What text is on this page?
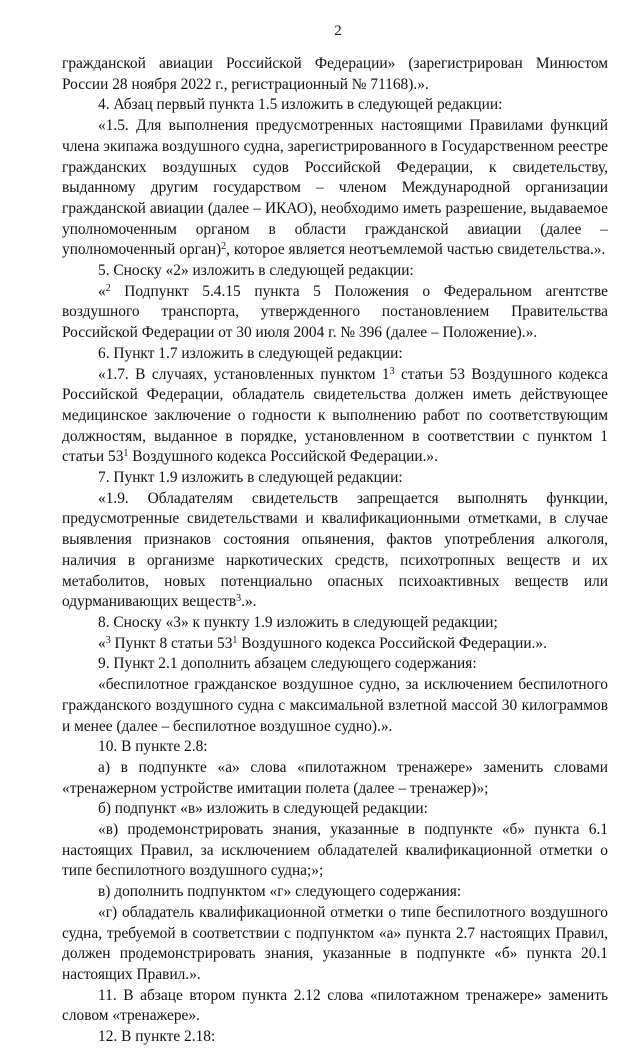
2

гражданской авиации Российской Федерации» (зарегистрирован Минюстом России 28 ноября 2022 г., регистрационный № 71168).».

4. Абзац первый пункта 1.5 изложить в следующей редакции:

«1.5. Для выполнения предусмотренных настоящими Правилами функций члена экипажа воздушного судна, зарегистрированного в Государственном реестре гражданских воздушных судов Российской Федерации, к свидетельству, выданному другим государством – членом Международной организации гражданской авиации (далее – ИКАО), необходимо иметь разрешение, выдаваемое уполномоченным органом в области гражданской авиации (далее – уполномоченный орган)$^2$, которое является неотъемлемой частью свидетельства.».

5. Сноску «2» изложить в следующей редакции:

«$^2$ Подпункт 5.4.15 пункта 5 Положения о Федеральном агентстве воздушного транспорта, утвержденного постановлением Правительства Российской Федерации от 30 июля 2004 г. № 396 (далее – Положение).».

6. Пункт 1.7 изложить в следующей редакции:

«1.7. В случаях, установленных пунктом $1^3$ статьи 53 Воздушного кодекса Российской Федерации, обладатель свидетельства должен иметь действующее медицинское заключение о годности к выполнению работ по соответствующим должностям, выданное в порядке, установленном в соответствии с пунктом 1 статьи $53^1$ Воздушного кодекса Российской Федерации.».

7. Пункт 1.9 изложить в следующей редакции:

«1.9. Обладателям свидетельств запрещается выполнять функции, предусмотренные свидетельствами и квалификационными отметками, в случае выявления признаков состояния опьянения, фактов употребления алкоголя, наличия в организме наркотических средств, психотропных веществ и их метаболитов, новых потенциально опасных психоактивных веществ или одурманивающих веществ$^3$.».

8. Сноску «3» к пункту 1.9 изложить в следующей редакции;

«$^3$ Пункт 8 статьи $53^1$ Воздушного кодекса Российской Федерации.».

9. Пункт 2.1 дополнить абзацем следующего содержания:

«беспилотное гражданское воздушное судно, за исключением беспилотного гражданского воздушного судна с максимальной взлетной массой 30 килограммов и менее (далее – беспилотное воздушное судно).».

10. В пункте 2.8:

а) в подпункте «а» слова «пилотажном тренажере» заменить словами «тренажерном устройстве имитации полета (далее – тренажер)»;

б) подпункт «в» изложить в следующей редакции:

«в) продемонстрировать знания, указанные в подпункте «б» пункта 6.1 настоящих Правил, за исключением обладателей квалификационной отметки о типе беспилотного воздушного судна;»;

в) дополнить подпунктом «г» следующего содержания:

«г) обладатель квалификационной отметки о типе беспилотного воздушного судна, требуемой в соответствии с подпунктом «а» пункта 2.7 настоящих Правил, должен продемонстрировать знания, указанные в подпункте «б» пункта 20.1 настоящих Правил.».

11. В абзаце втором пункта 2.12 слова «пилотажном тренажере» заменить словом «тренажере».

12. В пункте 2.18:
